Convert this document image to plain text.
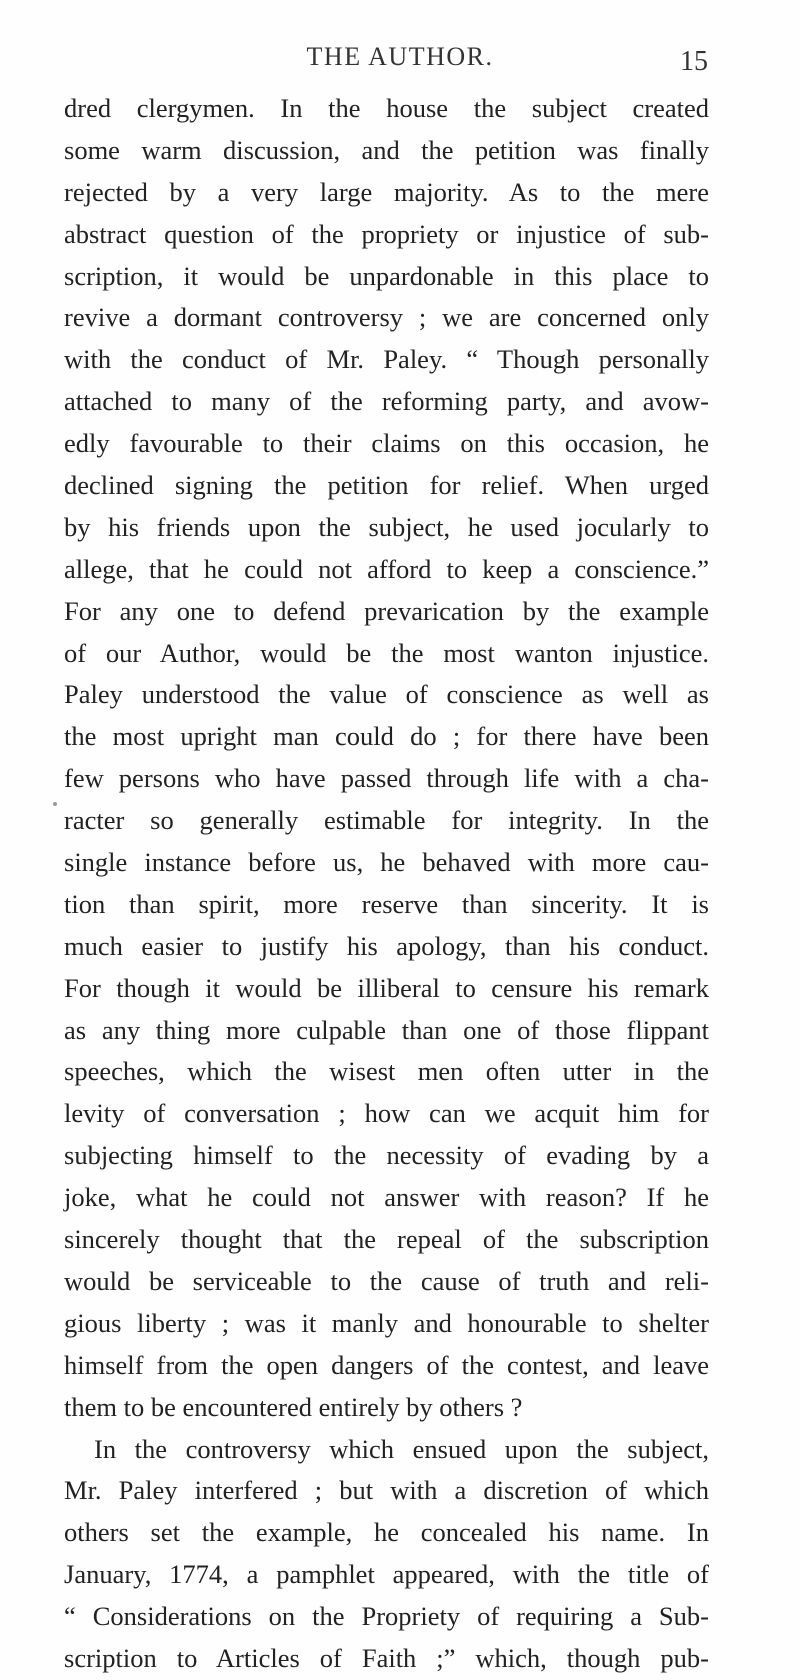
THE AUTHOR.	15
dred clergymen. In the house the subject created
some warm discussion, and the petition was finally
rejected by a very large majority. As to the mere
abstract question of the propriety or injustice of sub-
scription, it would be unpardonable in this place to
revive a dormant controversy ; we are concerned only
with the conduct of Mr. Paley. “ Though personally
attached to many of the reforming party, and avow-
edly favourable to their claims on this occasion, he
declined signing the petition for relief. When urged
by his friends upon the subject, he used jocularly to
allege, that he could not afford to keep a conscience.”
For any one to defend prevarication by the example
of our Author, would be the most wanton injustice.
Paley understood the value of conscience as well as
the most upright man could do ; for there have been
few persons who have passed through life with a cha-
racter so generally estimable for integrity. In the
single instance before us, he behaved with more cau-
tion than spirit, more reserve than sincerity. It is
much easier to justify his apology, than his conduct.
For though it would be illiberal to censure his remark
as any thing more culpable than one of those flippant
speeches, which the wisest men often utter in the
levity of conversation ; how can we acquit him for
subjecting himself to the necessity of evading by a
joke, what he could not answer with reason? If he
sincerely thought that the repeal of the subscription
would be serviceable to the cause of truth and reli-
gious liberty ; was it manly and honourable to shelter
himself from the open dangers of the contest, and leave
them to be encountered entirely by others ?
In the controversy which ensued upon the subject,
Mr. Paley interfered ; but with a discretion of which
others set the example, he concealed his name. In
January, 1774, a pamphlet appeared, with the title of
“ Considerations on the Propriety of requiring a Sub-
scription to Articles of Faith ;” which, though pub-
